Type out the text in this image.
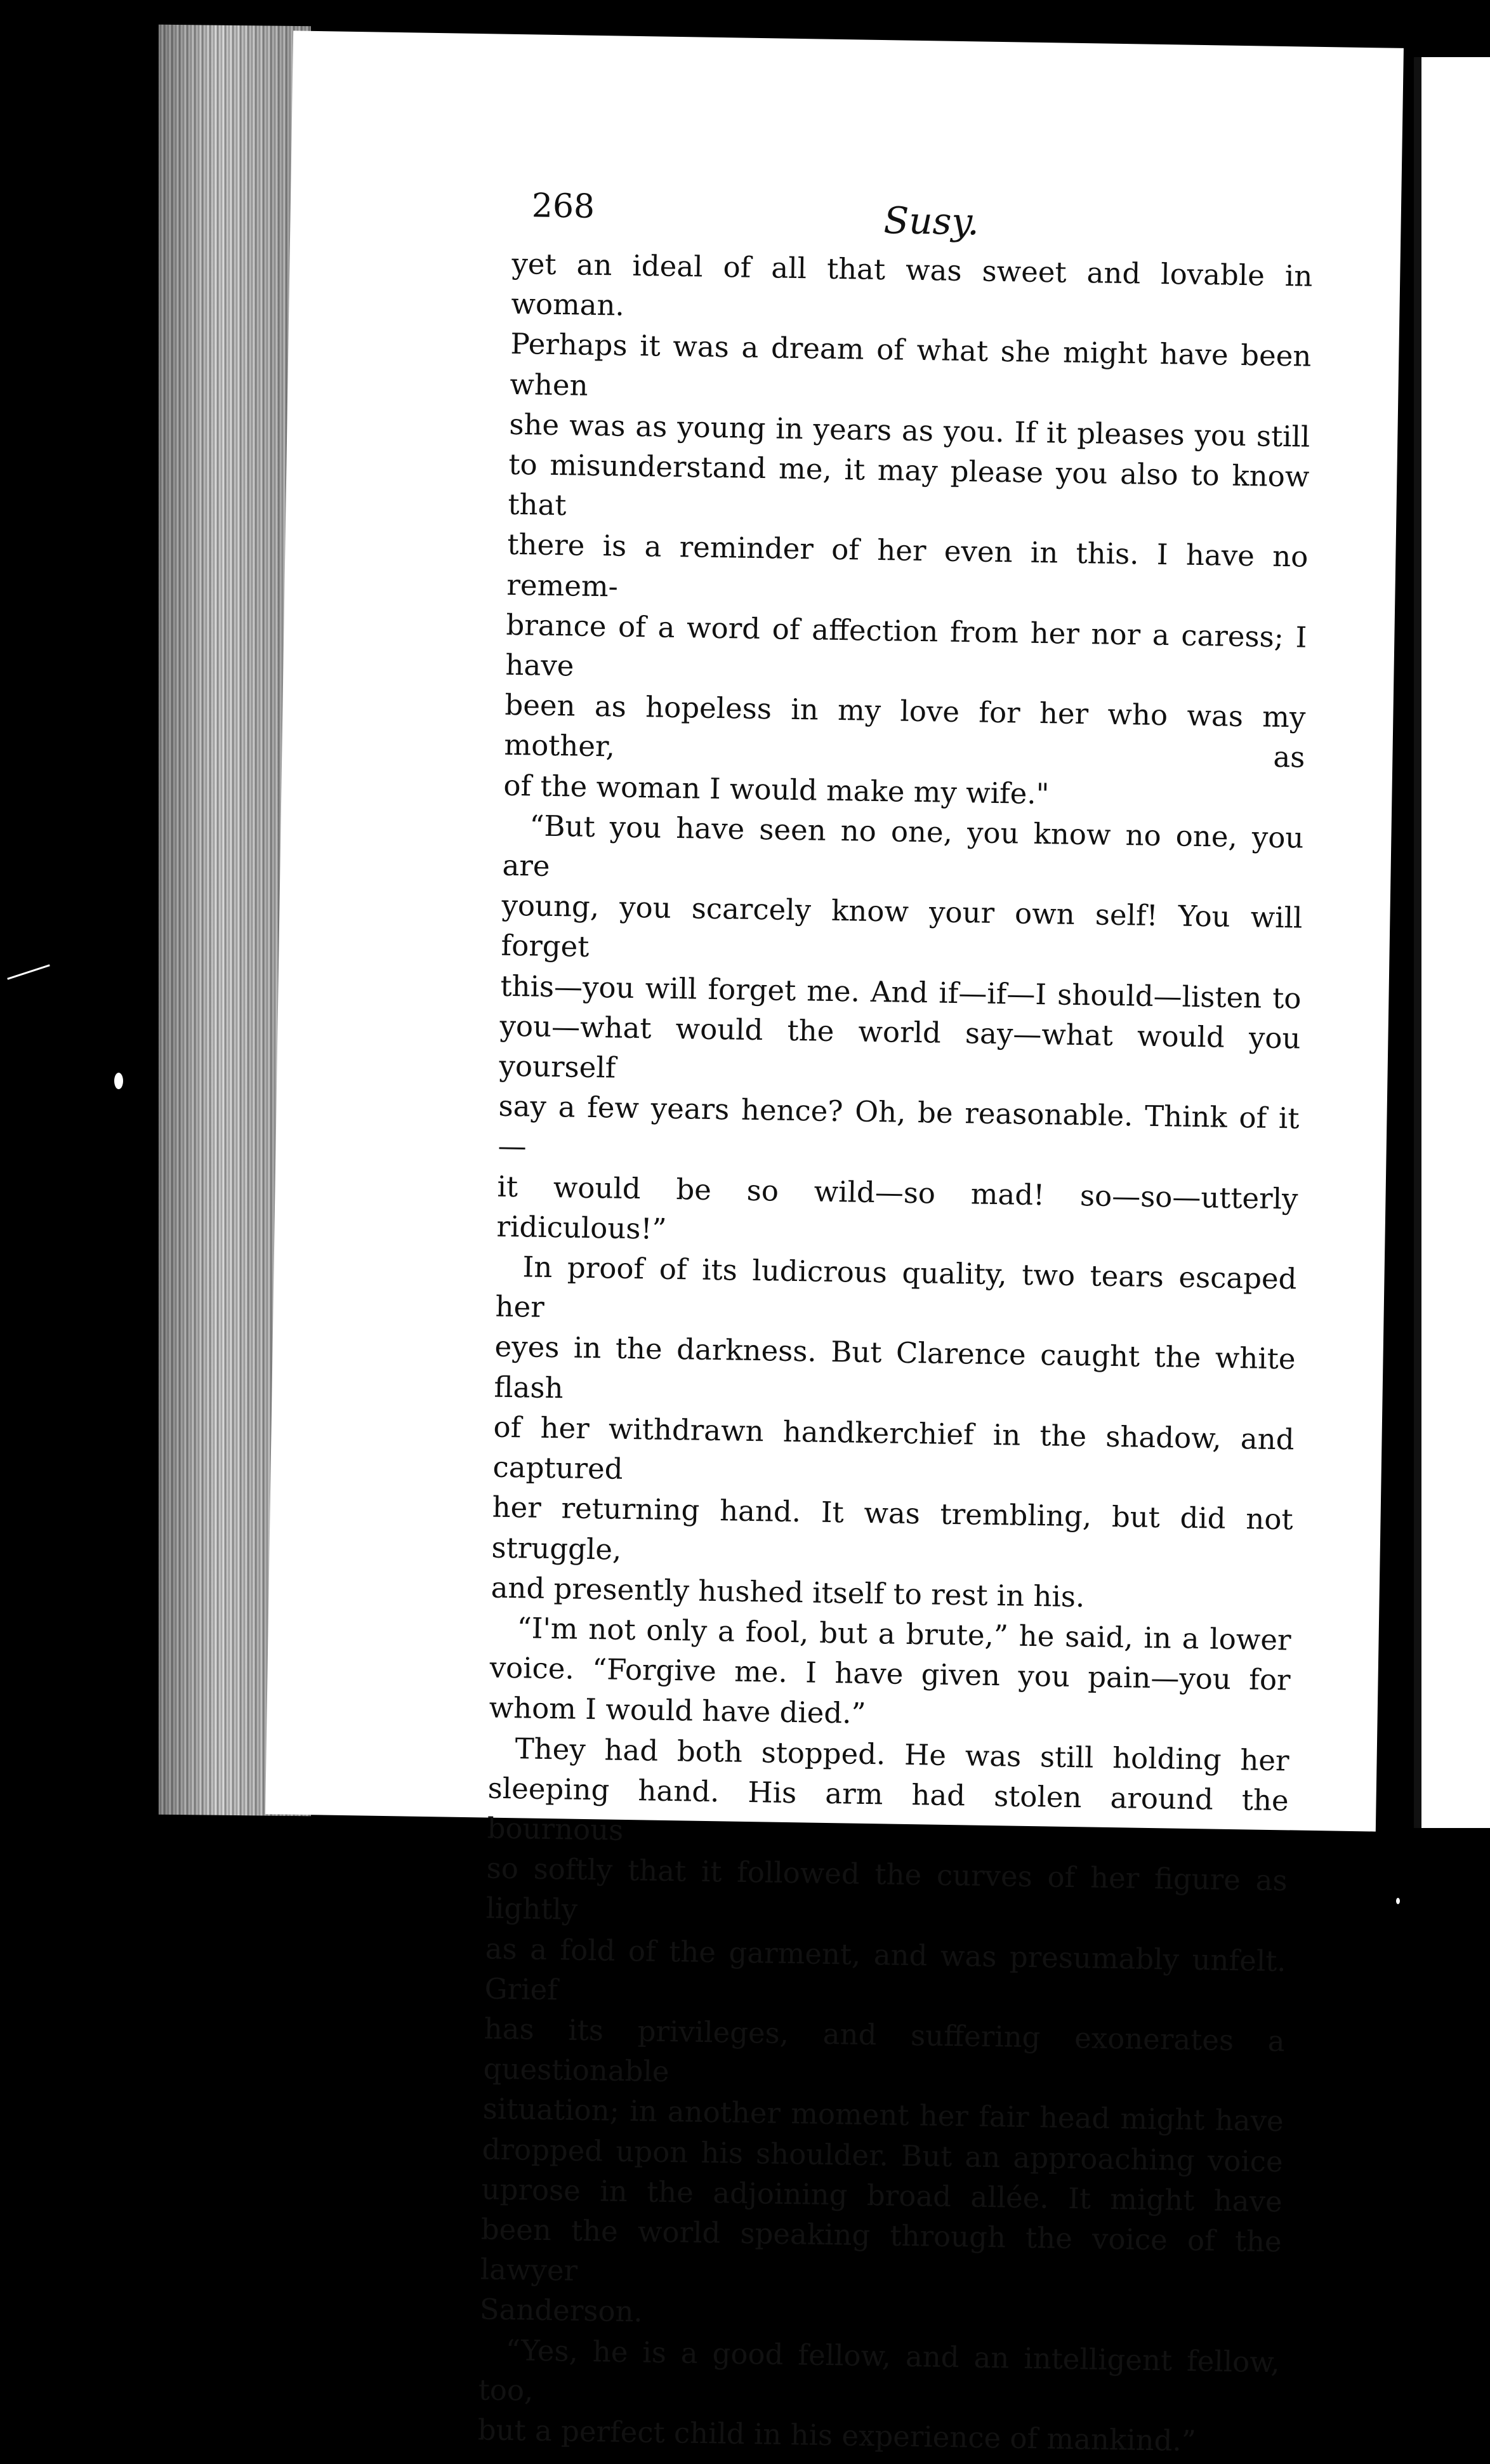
268	Susy.

yet an ideal of all that was sweet and lovable in woman.

Perhaps it was a dream of what she might have been when

she was as young in years as you. If it pleases you still

to misunderstand me, it may please you also to know that

there is a reminder of her even in this. I have no remem-

brance of a word of affection from her nor a caress; I have

been as hopeless in my love for her who was my mother, as

of the woman I would make my wife."

“But you have seen no one, you know no one, you are

young, you scarcely know your own self! You will forget

this—you will forget me. And if—if—I should—listen to

you—what would the world say—what would you yourself

say a few years hence? Oh, be reasonable. Think of it—

it would be so wild—so mad! so—so—utterly ridiculous!”

In proof of its ludicrous quality, two tears escaped her

eyes in the darkness. But Clarence caught the white flash

of her withdrawn handkerchief in the shadow, and captured

her returning hand. It was trembling, but did not struggle,

and presently hushed itself to rest in his.

“I'm not only a fool, but a brute,” he said, in a lower

voice. “Forgive me. I have given you pain—you for

whom I would have died.”

They had both stopped. He was still holding her

sleeping hand. His arm had stolen around the bournous

so softly that it followed the curves of her figure as lightly

as a fold of the garment, and was presumably unfelt. Grief

has its privileges, and suffering exonerates a questionable

situation; in another moment her fair head might have

dropped upon his shoulder. But an approaching voice

uprose in the adjoining broad allée. It might have

been the world speaking through the voice of the lawyer

Sanderson.

“Yes, he is a good fellow, and an intelligent fellow, too,

but a perfect child in his experience of mankind.”
